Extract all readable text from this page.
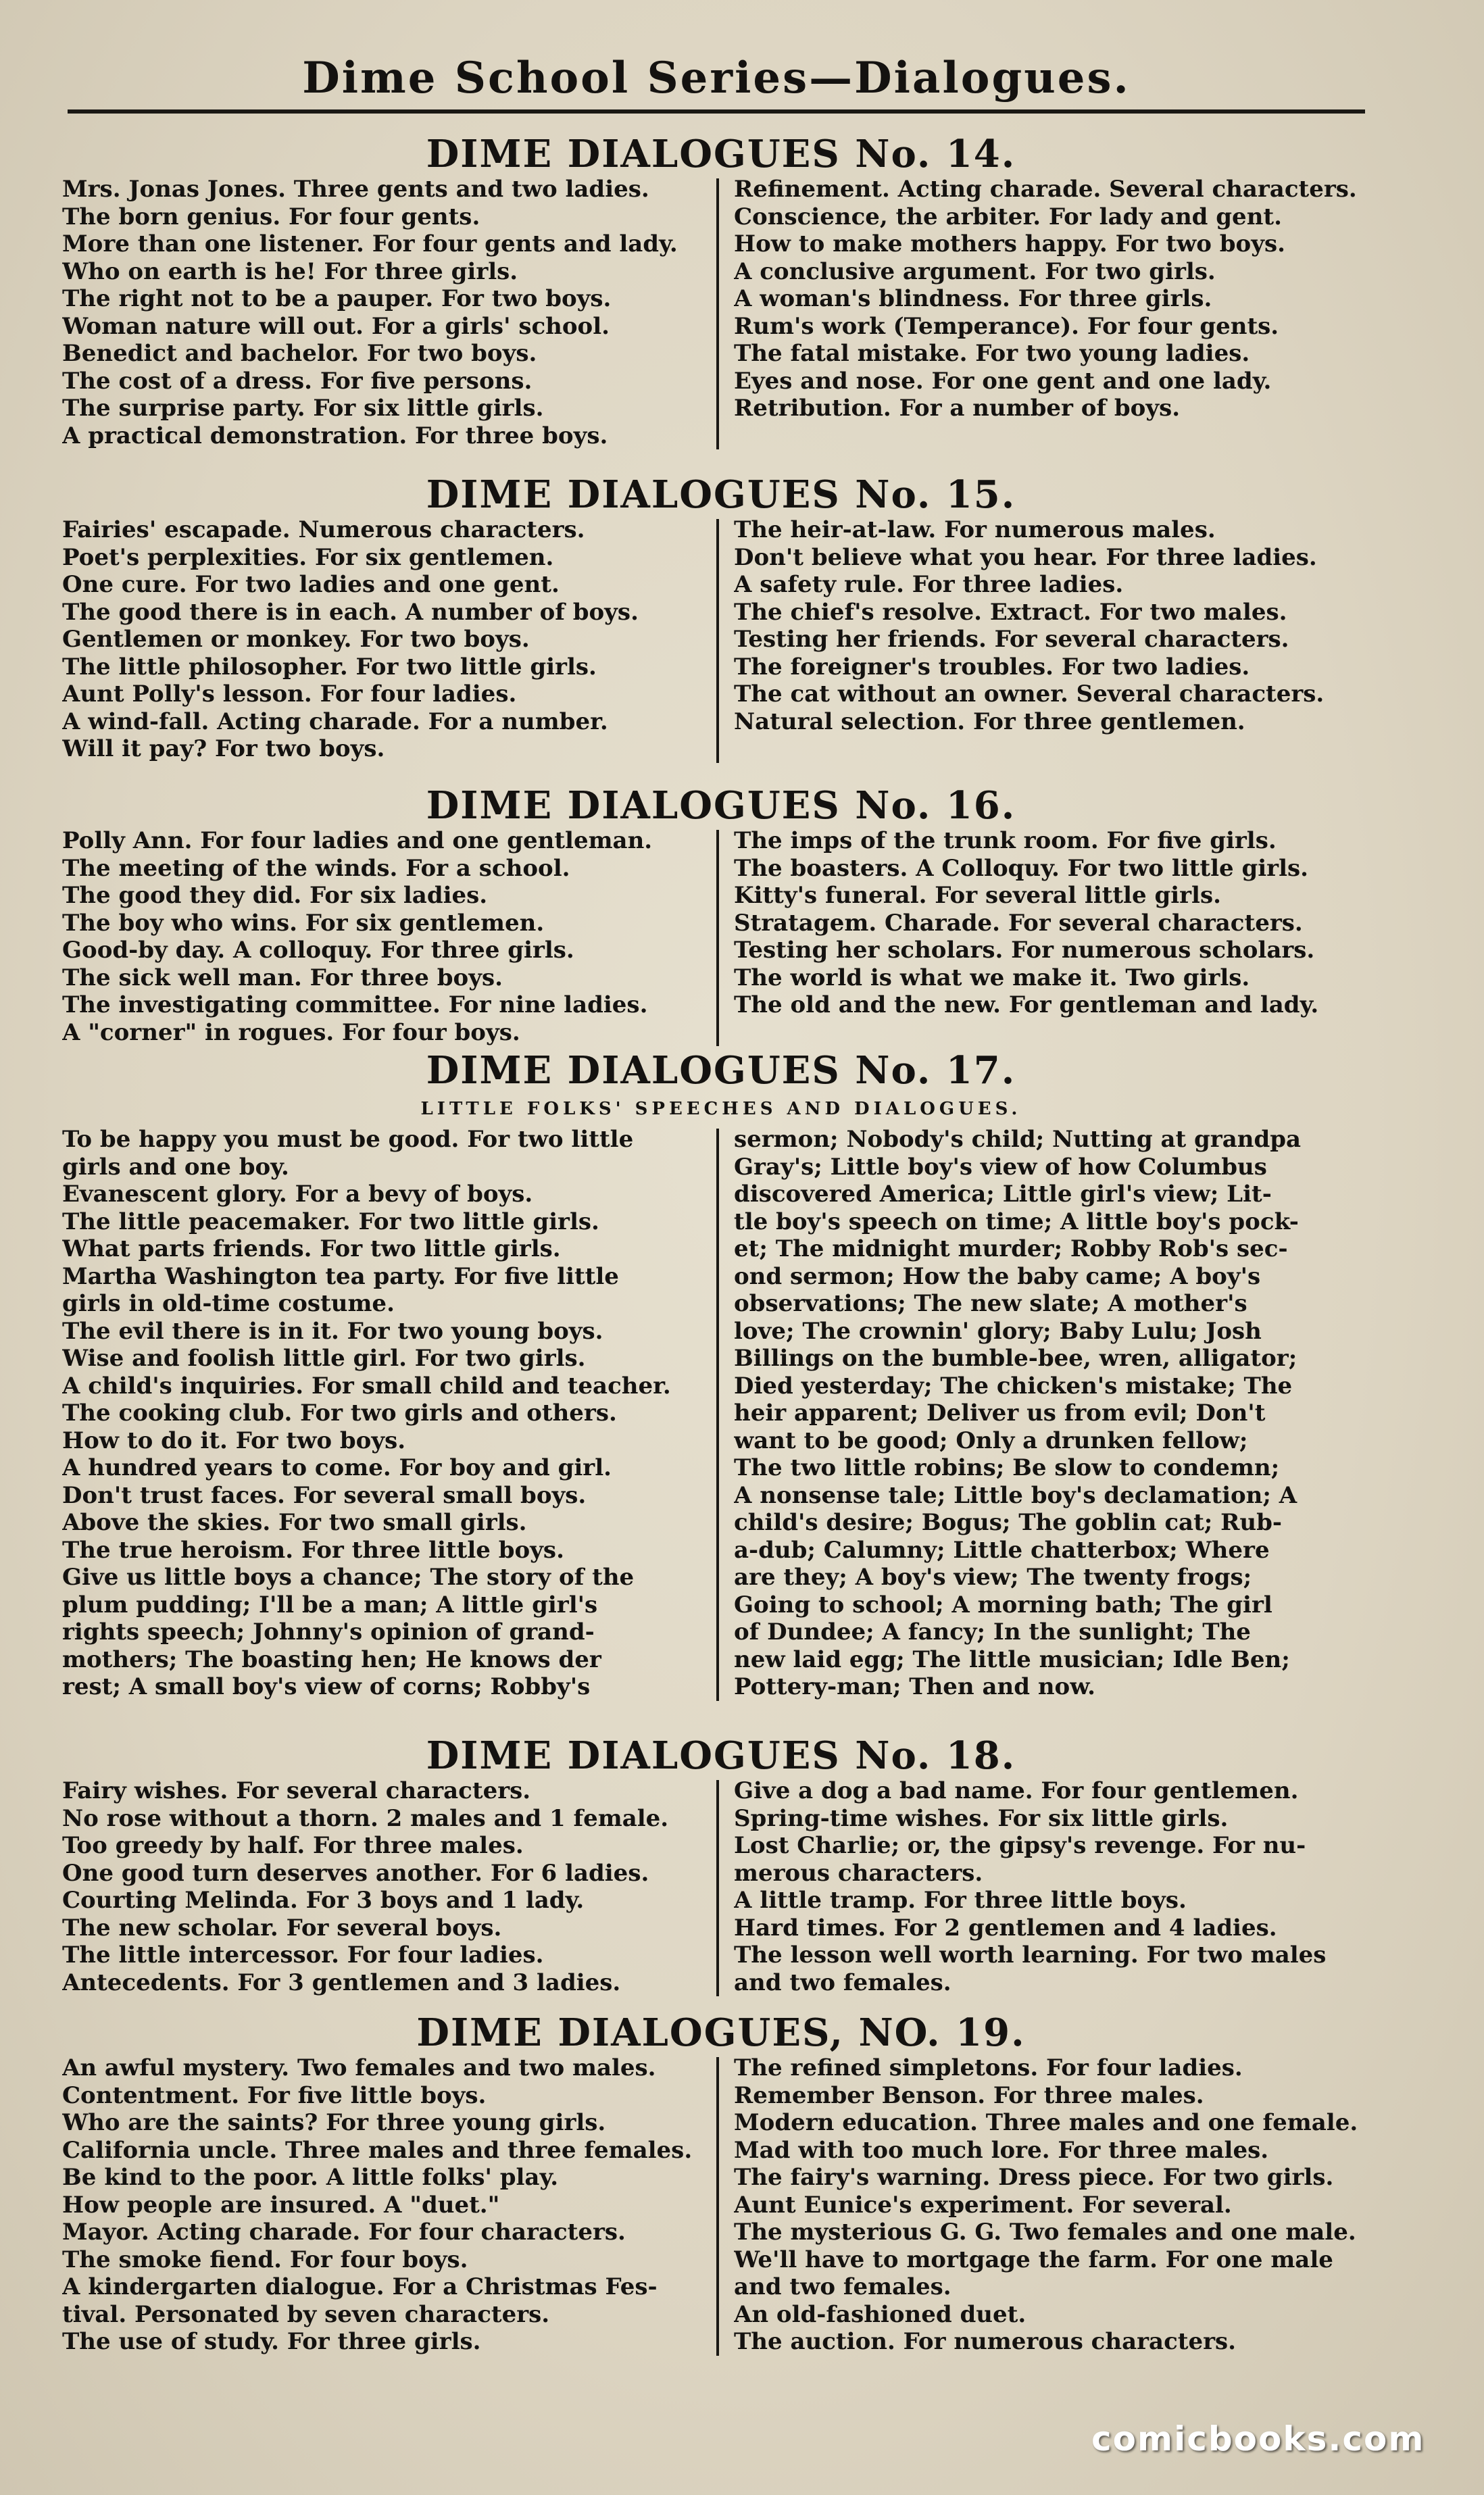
Dime School Series—Dialogues.
DIME DIALOGUES No. 14.
Mrs. Jonas Jones. Three gents and two ladies.
The born genius. For four gents.
More than one listener. For four gents and lady.
Who on earth is he! For three girls.
The right not to be a pauper. For two boys.
Woman nature will out. For a girls' school.
Benedict and bachelor. For two boys.
The cost of a dress. For five persons.
The surprise party. For six little girls.
A practical demonstration. For three boys.
Refinement. Acting charade. Several characters.
Conscience, the arbiter. For lady and gent.
How to make mothers happy. For two boys.
A conclusive argument. For two girls.
A woman's blindness. For three girls.
Rum's work (Temperance). For four gents.
The fatal mistake. For two young ladies.
Eyes and nose. For one gent and one lady.
Retribution. For a number of boys.
DIME DIALOGUES No. 15.
Fairies' escapade. Numerous characters.
Poet's perplexities. For six gentlemen.
One cure. For two ladies and one gent.
The good there is in each. A number of boys.
Gentlemen or monkey. For two boys.
The little philosopher. For two little girls.
Aunt Polly's lesson. For four ladies.
A wind-fall. Acting charade. For a number.
Will it pay? For two boys.
The heir-at-law. For numerous males.
Don't believe what you hear. For three ladies.
A safety rule. For three ladies.
The chief's resolve. Extract. For two males.
Testing her friends. For several characters.
The foreigner's troubles. For two ladies.
The cat without an owner. Several characters.
Natural selection. For three gentlemen.
DIME DIALOGUES No. 16.
Polly Ann. For four ladies and one gentleman.
The meeting of the winds. For a school.
The good they did. For six ladies.
The boy who wins. For six gentlemen.
Good-by day. A colloquy. For three girls.
The sick well man. For three boys.
The investigating committee. For nine ladies.
A "corner" in rogues. For four boys.
The imps of the trunk room. For five girls.
The boasters. A Colloquy. For two little girls.
Kitty's funeral. For several little girls.
Stratagem. Charade. For several characters.
Testing her scholars. For numerous scholars.
The world is what we make it. Two girls.
The old and the new. For gentleman and lady.
DIME DIALOGUES No. 17.
LITTLE FOLKS' SPEECHES AND DIALOGUES.
To be happy you must be good. For two little
girls and one boy.
Evanescent glory. For a bevy of boys.
The little peacemaker. For two little girls.
What parts friends. For two little girls.
Martha Washington tea party. For five little
girls in old-time costume.
The evil there is in it. For two young boys.
Wise and foolish little girl. For two girls.
A child's inquiries. For small child and teacher.
The cooking club. For two girls and others.
How to do it. For two boys.
A hundred years to come. For boy and girl.
Don't trust faces. For several small boys.
Above the skies. For two small girls.
The true heroism. For three little boys.
Give us little boys a chance; The story of the
plum pudding; I'll be a man; A little girl's
rights speech; Johnny's opinion of grand-
mothers; The boasting hen; He knows der
rest; A small boy's view of corns; Robby's
sermon; Nobody's child; Nutting at grandpa
Gray's; Little boy's view of how Columbus
discovered America; Little girl's view; Lit-
tle boy's speech on time; A little boy's pock-
et; The midnight murder; Robby Rob's sec-
ond sermon; How the baby came; A boy's
observations; The new slate; A mother's
love; The crownin' glory; Baby Lulu; Josh
Billings on the bumble-bee, wren, alligator;
Died yesterday; The chicken's mistake; The
heir apparent; Deliver us from evil; Don't
want to be good; Only a drunken fellow;
The two little robins; Be slow to condemn;
A nonsense tale; Little boy's declamation; A
child's desire; Bogus; The goblin cat; Rub-
a-dub; Calumny; Little chatterbox; Where
are they; A boy's view; The twenty frogs;
Going to school; A morning bath; The girl
of Dundee; A fancy; In the sunlight; The
new laid egg; The little musician; Idle Ben;
Pottery-man; Then and now.
DIME DIALOGUES No. 18.
Fairy wishes. For several characters.
No rose without a thorn. 2 males and 1 female.
Too greedy by half. For three males.
One good turn deserves another. For 6 ladies.
Courting Melinda. For 3 boys and 1 lady.
The new scholar. For several boys.
The little intercessor. For four ladies.
Antecedents. For 3 gentlemen and 3 ladies.
Give a dog a bad name. For four gentlemen.
Spring-time wishes. For six little girls.
Lost Charlie; or, the gipsy's revenge. For nu-
merous characters.
A little tramp. For three little boys.
Hard times. For 2 gentlemen and 4 ladies.
The lesson well worth learning. For two males
and two females.
DIME DIALOGUES, NO. 19.
An awful mystery. Two females and two males.
Contentment. For five little boys.
Who are the saints? For three young girls.
California uncle. Three males and three females.
Be kind to the poor. A little folks' play.
How people are insured. A "duet."
Mayor. Acting charade. For four characters.
The smoke fiend. For four boys.
A kindergarten dialogue. For a Christmas Fes-
tival. Personated by seven characters.
The use of study. For three girls.
The refined simpletons. For four ladies.
Remember Benson. For three males.
Modern education. Three males and one female.
Mad with too much lore. For three males.
The fairy's warning. Dress piece. For two girls.
Aunt Eunice's experiment. For several.
The mysterious G. G. Two females and one male.
We'll have to mortgage the farm. For one male
and two females.
An old-fashioned duet.
The auction. For numerous characters.
comicbooks.com
